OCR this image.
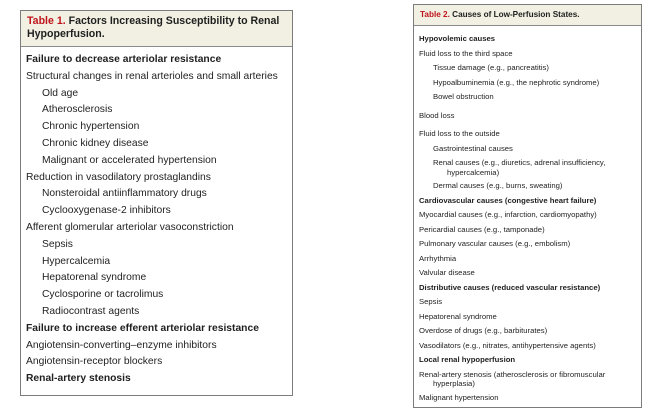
Table 1. Factors Increasing Susceptibility to Renal Hypoperfusion.
Failure to decrease arteriolar resistance
Structural changes in renal arterioles and small arteries
Old age
Atherosclerosis
Chronic hypertension
Chronic kidney disease
Malignant or accelerated hypertension
Reduction in vasodilatory prostaglandins
Nonsteroidal antiinflammatory drugs
Cyclooxygenase-2 inhibitors
Afferent glomerular arteriolar vasoconstriction
Sepsis
Hypercalcemia
Hepatorenal syndrome
Cyclosporine or tacrolimus
Radiocontrast agents
Failure to increase efferent arteriolar resistance
Angiotensin-converting–enzyme inhibitors
Angiotensin-receptor blockers
Renal-artery stenosis
Table 2. Causes of Low-Perfusion States.
Hypovolemic causes
Fluid loss to the third space
Tissue damage (e.g., pancreatitis)
Hypoalbuminemia (e.g., the nephrotic syndrome)
Bowel obstruction
Blood loss
Fluid loss to the outside
Gastrointestinal causes
Renal causes (e.g., diuretics, adrenal insufficiency, hypercalcemia)
Dermal causes (e.g., burns, sweating)
Cardiovascular causes (congestive heart failure)
Myocardial causes (e.g., infarction, cardiomyopathy)
Pericardial causes (e.g., tamponade)
Pulmonary vascular causes (e.g., embolism)
Arrhythmia
Valvular disease
Distributive causes (reduced vascular resistance)
Sepsis
Hepatorenal syndrome
Overdose of drugs (e.g., barbiturates)
Vasodilators (e.g., nitrates, antihypertensive agents)
Local renal hypoperfusion
Renal-artery stenosis (atherosclerosis or fibromuscular hyperplasia)
Malignant hypertension
